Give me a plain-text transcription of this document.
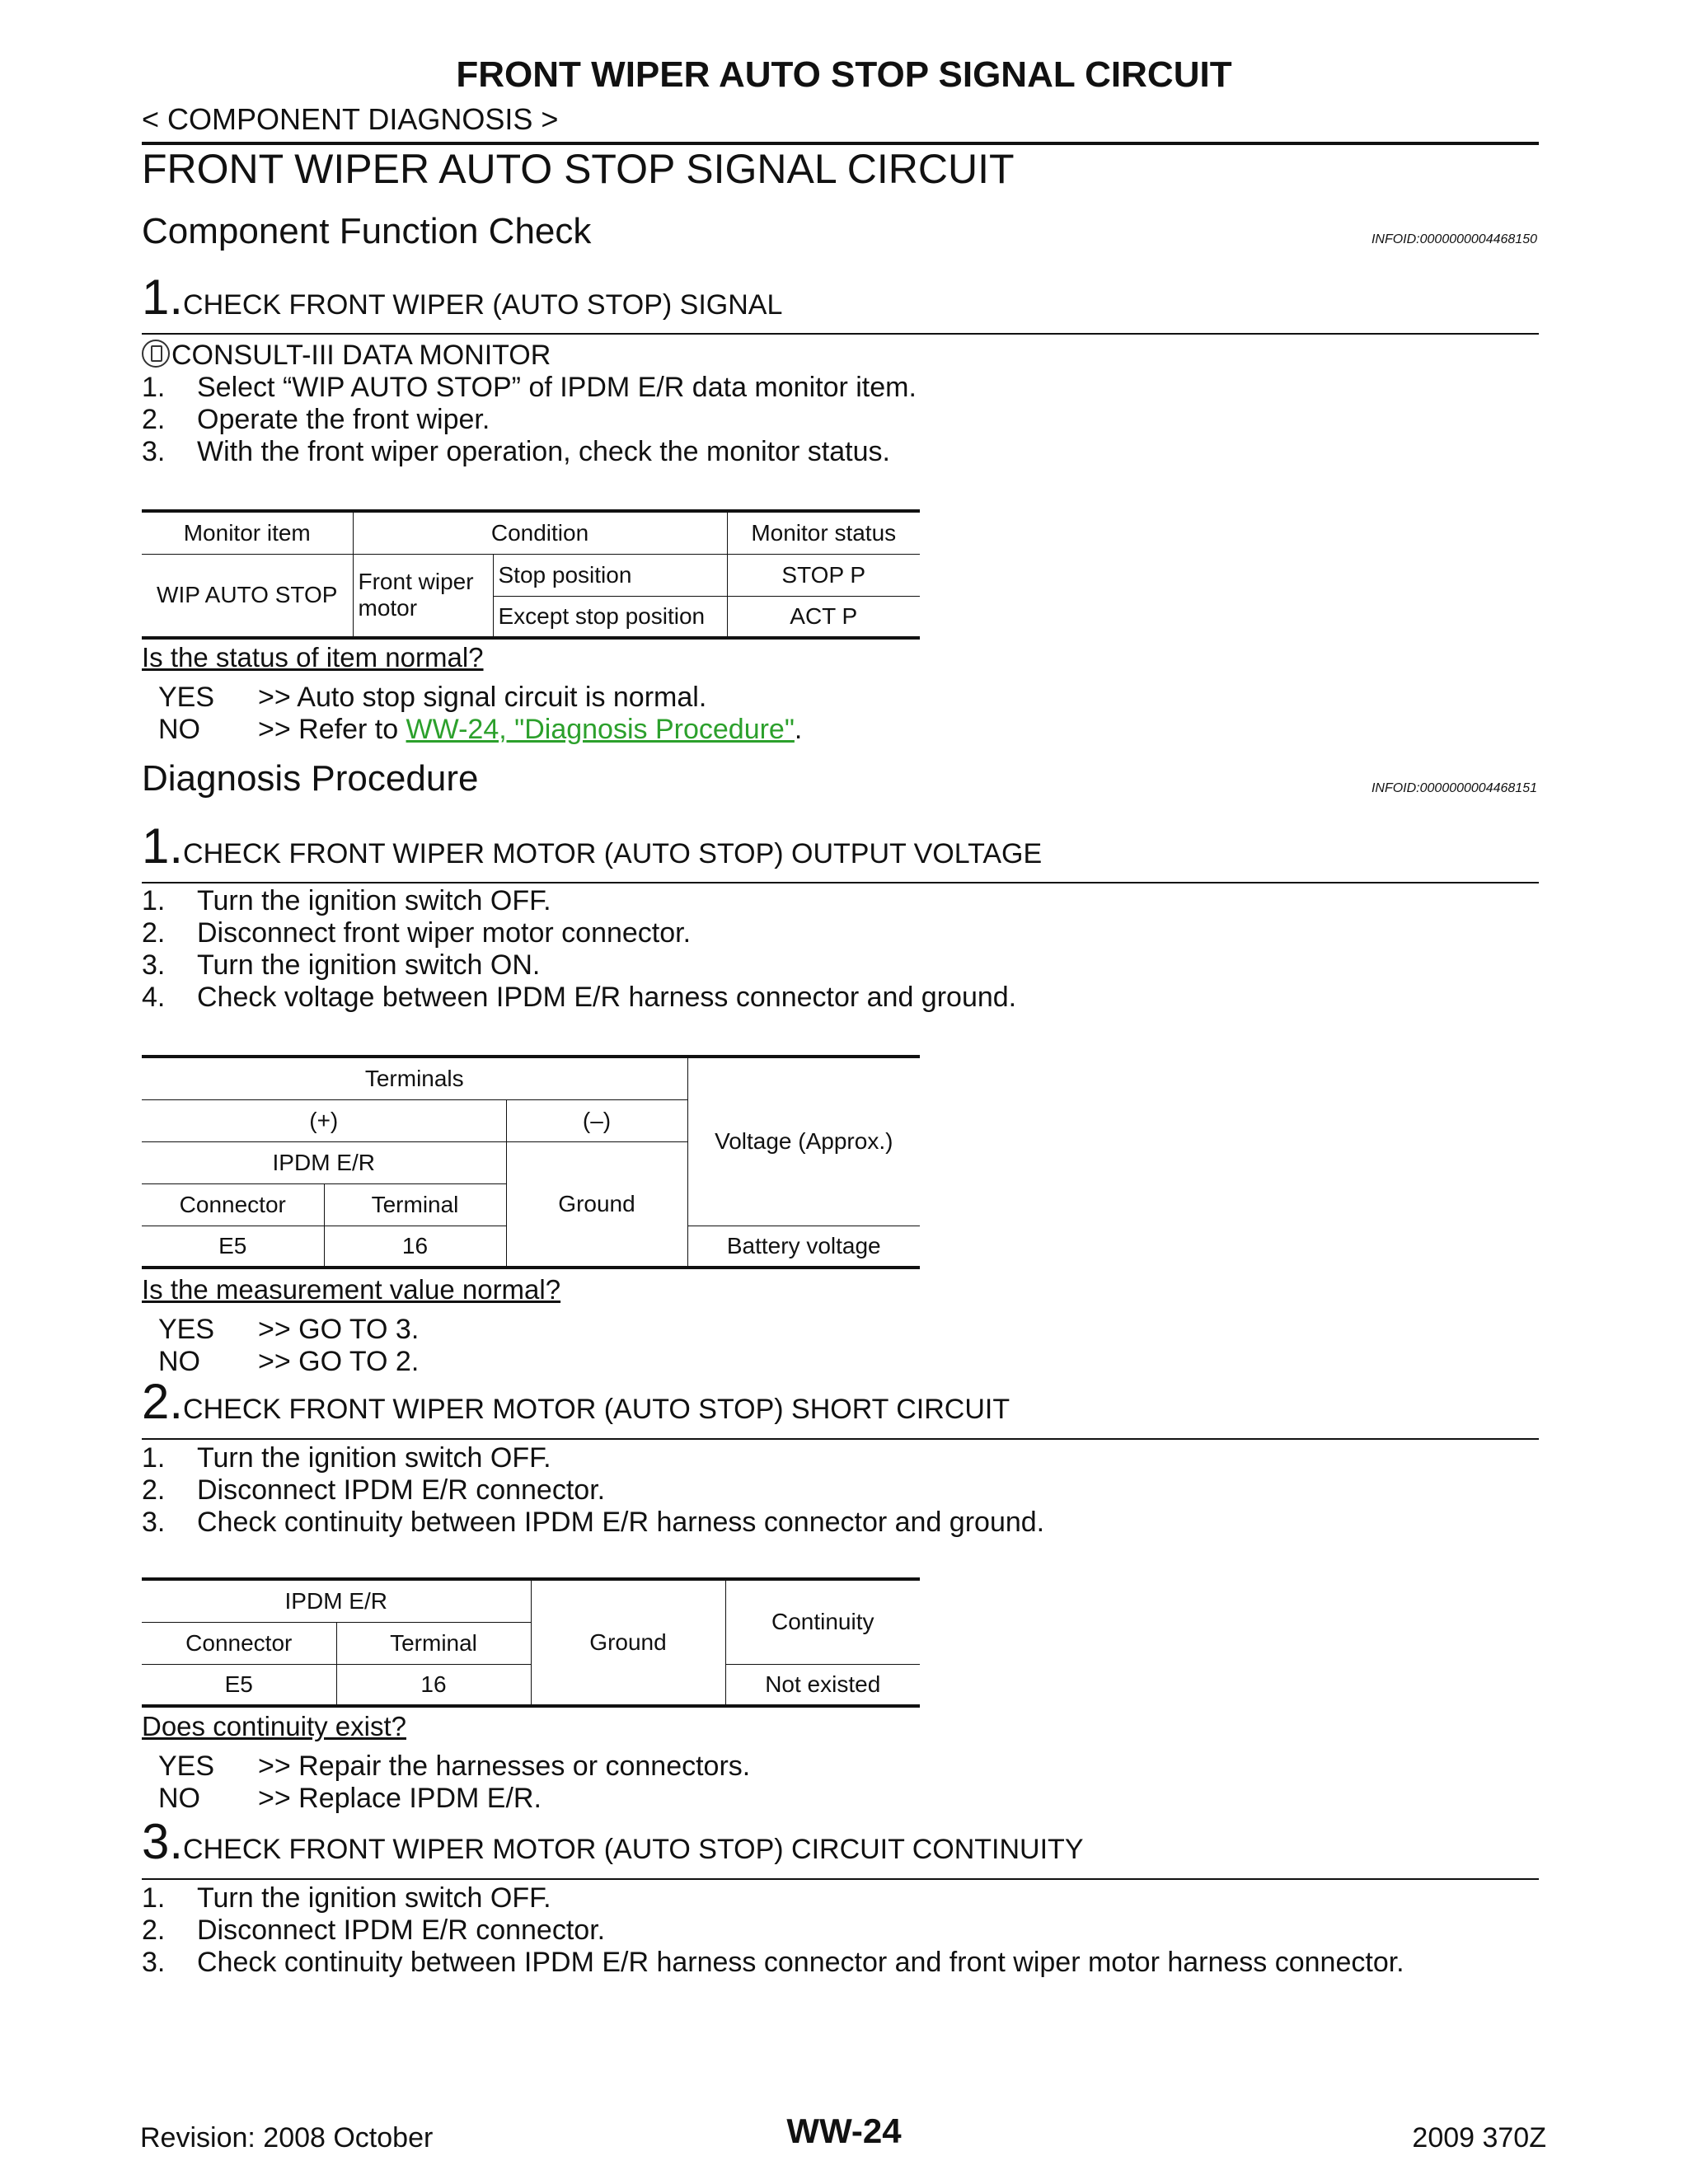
FRONT WIPER AUTO STOP SIGNAL CIRCUIT
< COMPONENT DIAGNOSIS >
FRONT WIPER AUTO STOP SIGNAL CIRCUIT
Component Function Check	INFOID:0000000004468150
1.CHECK FRONT WIPER (AUTO STOP) SIGNAL
CONSULT-III DATA MONITOR
1.	Select “WIP AUTO STOP” of IPDM E/R data monitor item.
2.	Operate the front wiper.
3.	With the front wiper operation, check the monitor status.
Monitor item	Condition		Monitor status
WIP AUTO STOP	Front wiper motor	Stop position	STOP P
		Except stop position	ACT P
Is the status of item normal?
YES	>> Auto stop signal circuit is normal.
NO	>> Refer to WW-24, "Diagnosis Procedure" .
Diagnosis Procedure	INFOID:0000000004468151
1.CHECK FRONT WIPER MOTOR (AUTO STOP) OUTPUT VOLTAGE
1.	Turn the ignition switch OFF.
2.	Disconnect front wiper motor connector.
3.	Turn the ignition switch ON.
4.	Check voltage between IPDM E/R harness connector and ground.
Terminals			Voltage (Approx.)
(+)		(–)	
IPDM E/R		Ground	
Connector	Terminal		
E5	16		Battery voltage
Is the measurement value normal?
YES	>> GO TO 3.
NO	>> GO TO 2.
2.CHECK FRONT WIPER MOTOR (AUTO STOP) SHORT CIRCUIT
1.	Turn the ignition switch OFF.
2.	Disconnect IPDM E/R connector.
3.	Check continuity between IPDM E/R harness connector and ground.
IPDM E/R		Ground	Continuity
Connector	Terminal		
E5	16		Not existed
Does continuity exist?
YES	>> Repair the harnesses or connectors.
NO	>> Replace IPDM E/R.
3.CHECK FRONT WIPER MOTOR (AUTO STOP) CIRCUIT CONTINUITY
1.	Turn the ignition switch OFF.
2.	Disconnect IPDM E/R connector.
3.	Check continuity between IPDM E/R harness connector and front wiper motor harness connector.
Revision: 2008 October	WW-24	2009 370Z
